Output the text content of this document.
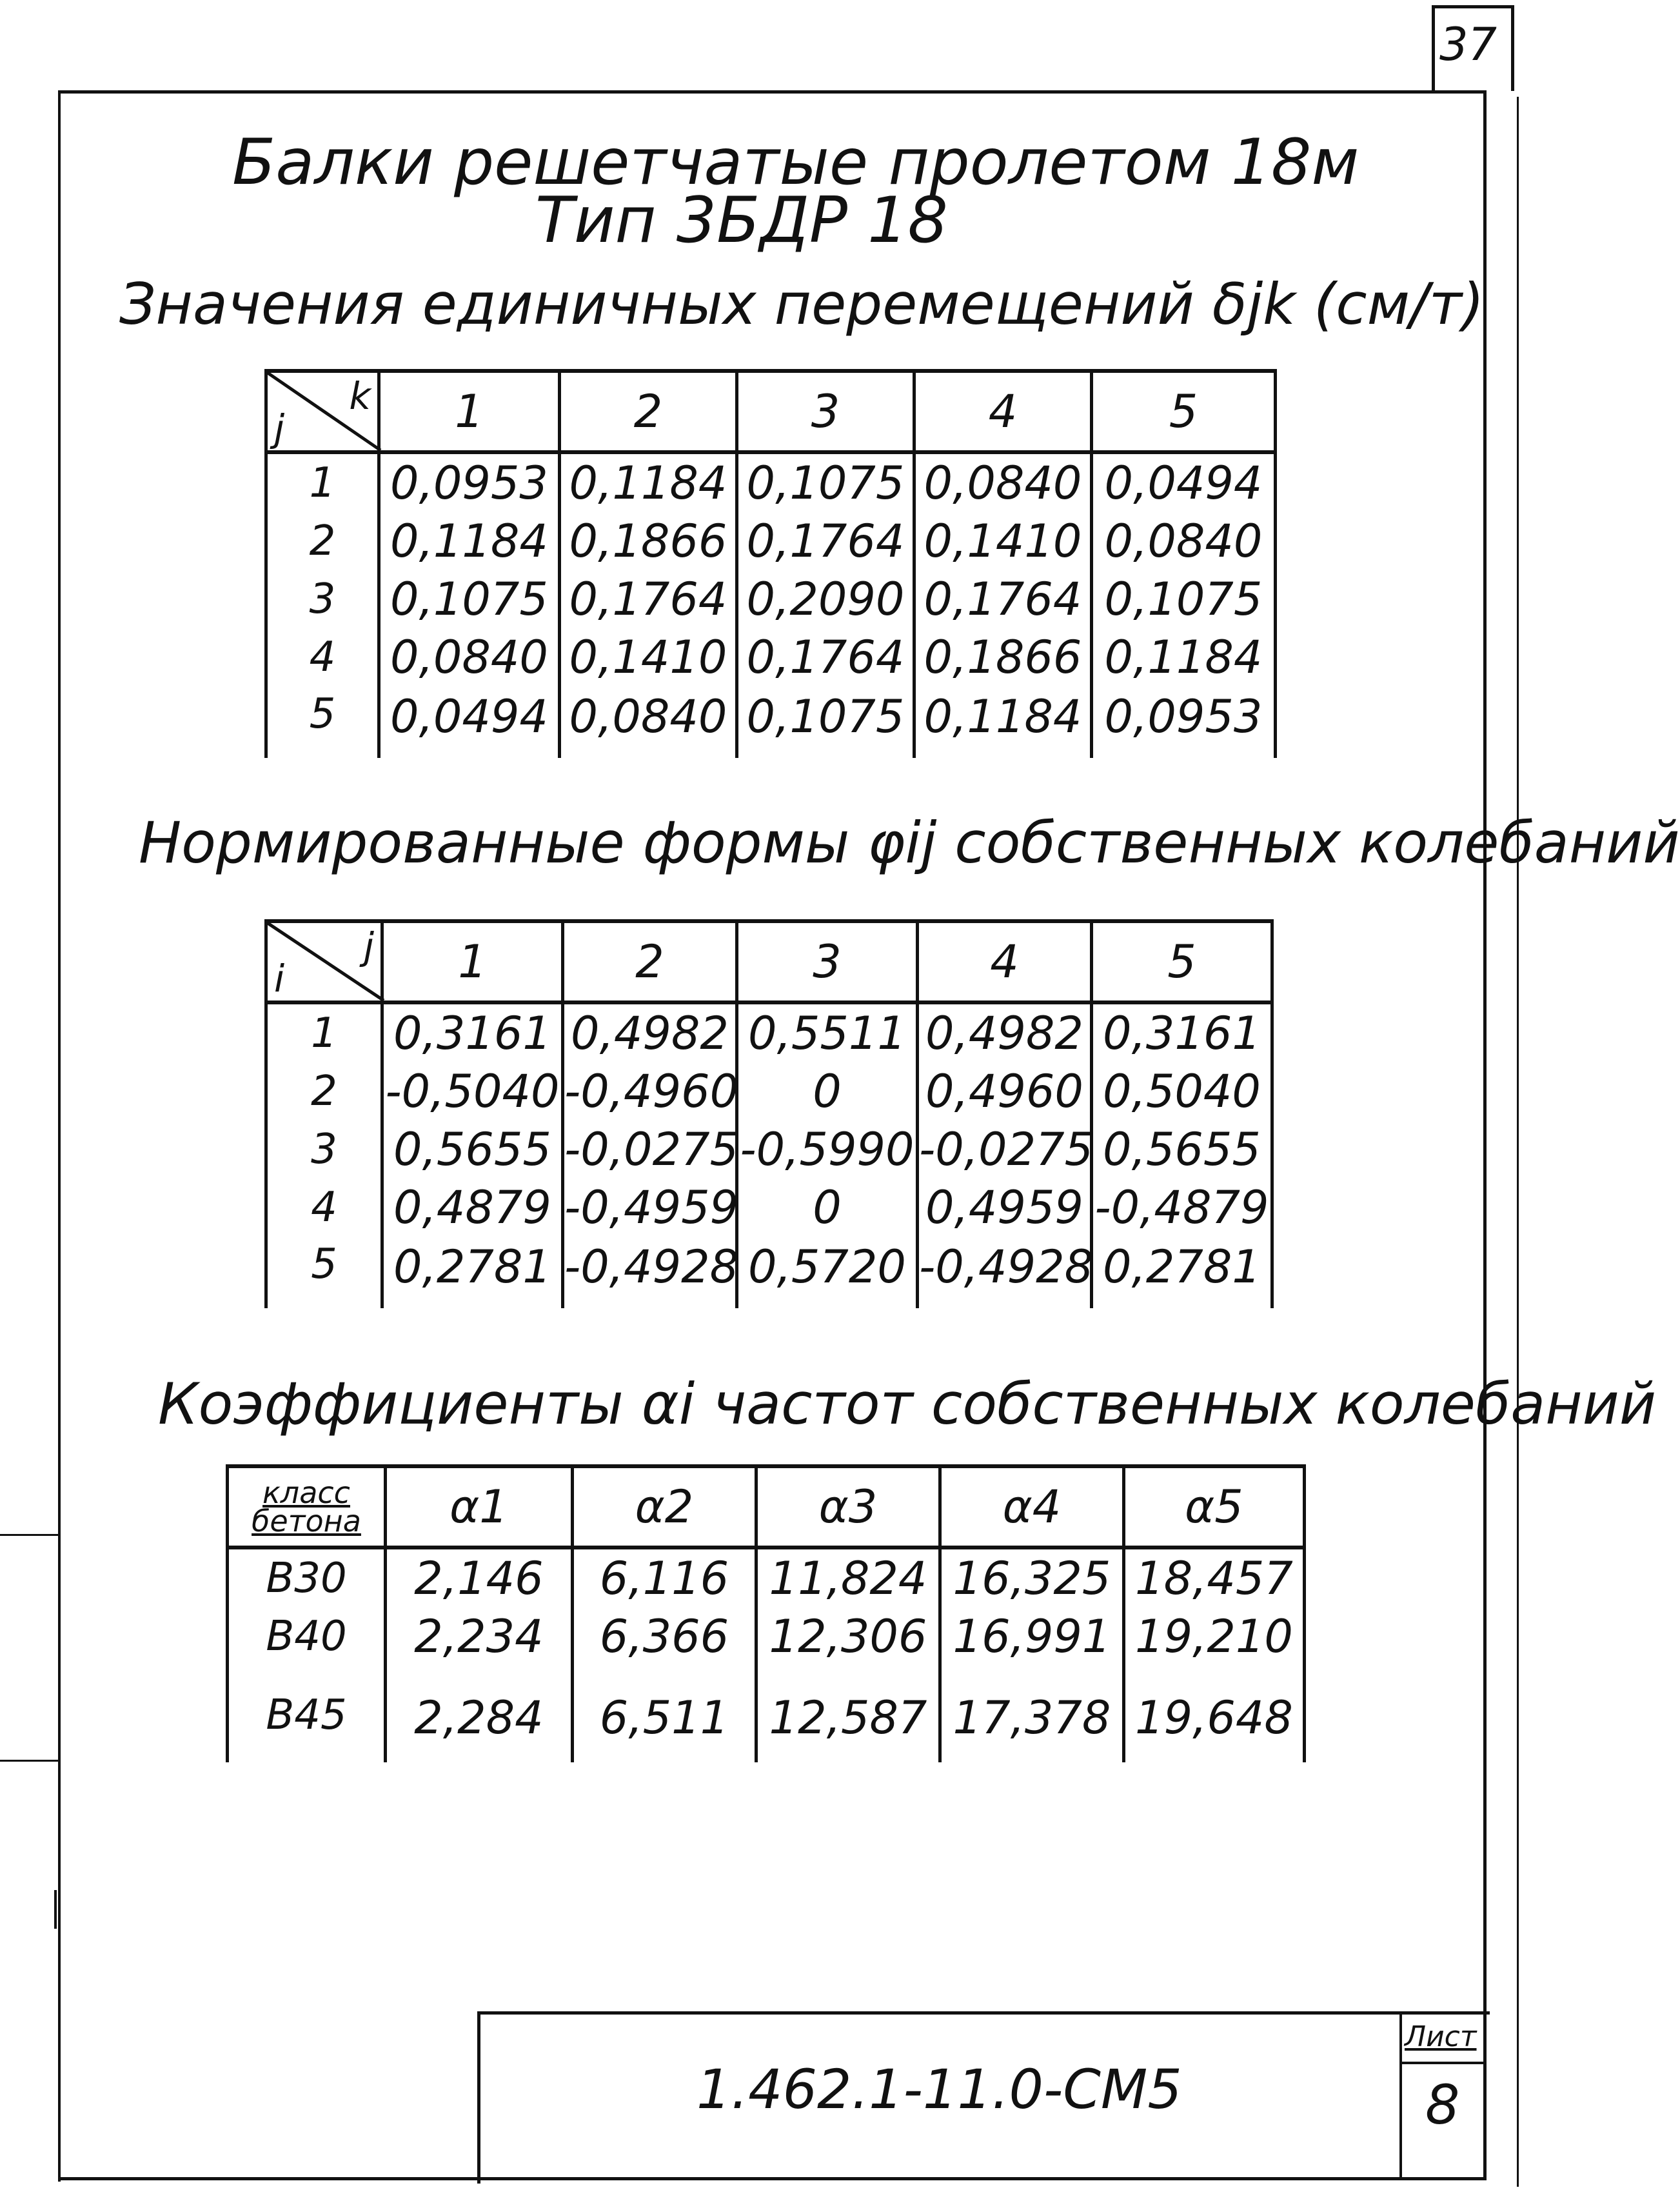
37
Балки решетчатые пролетом 18м
Тип 3БДР 18
Значения единичных перемещений δjk (см/т)
k
j	1	2	3	4	5
1	0,0953	0,1184	0,1075	0,0840	0,0494
2	0,1184	0,1866	0,1764	0,1410	0,0840
3	0,1075	0,1764	0,2090	0,1764	0,1075
4	0,0840	0,1410	0,1764	0,1866	0,1184
5	0,0494	0,0840	0,1075	0,1184	0,0953
Нормированные формы φij собственных колебаний
j
i	1	2	3	4	5
1	0,3161	0,4982	0,5511	0,4982	0,3161
2	-0,5040	-0,4960	0	0,4960	0,5040
3	0,5655	-0,0275	-0,5990	-0,0275	0,5655
4	0,4879	-0,4959	0	0,4959	-0,4879
5	0,2781	-0,4928	0,5720	-0,4928	0,2781
Коэффициенты αi частот собственных колебаний
класс
бетона	α1	α2	α3	α4	α5
В30	2,146	6,116	11,824	16,325	18,457
В40	2,234	6,366	12,306	16,991	19,210
В45	2,284	6,511	12,587	17,378	19,648
1.462.1-11.0-СМ5
Лист
8
